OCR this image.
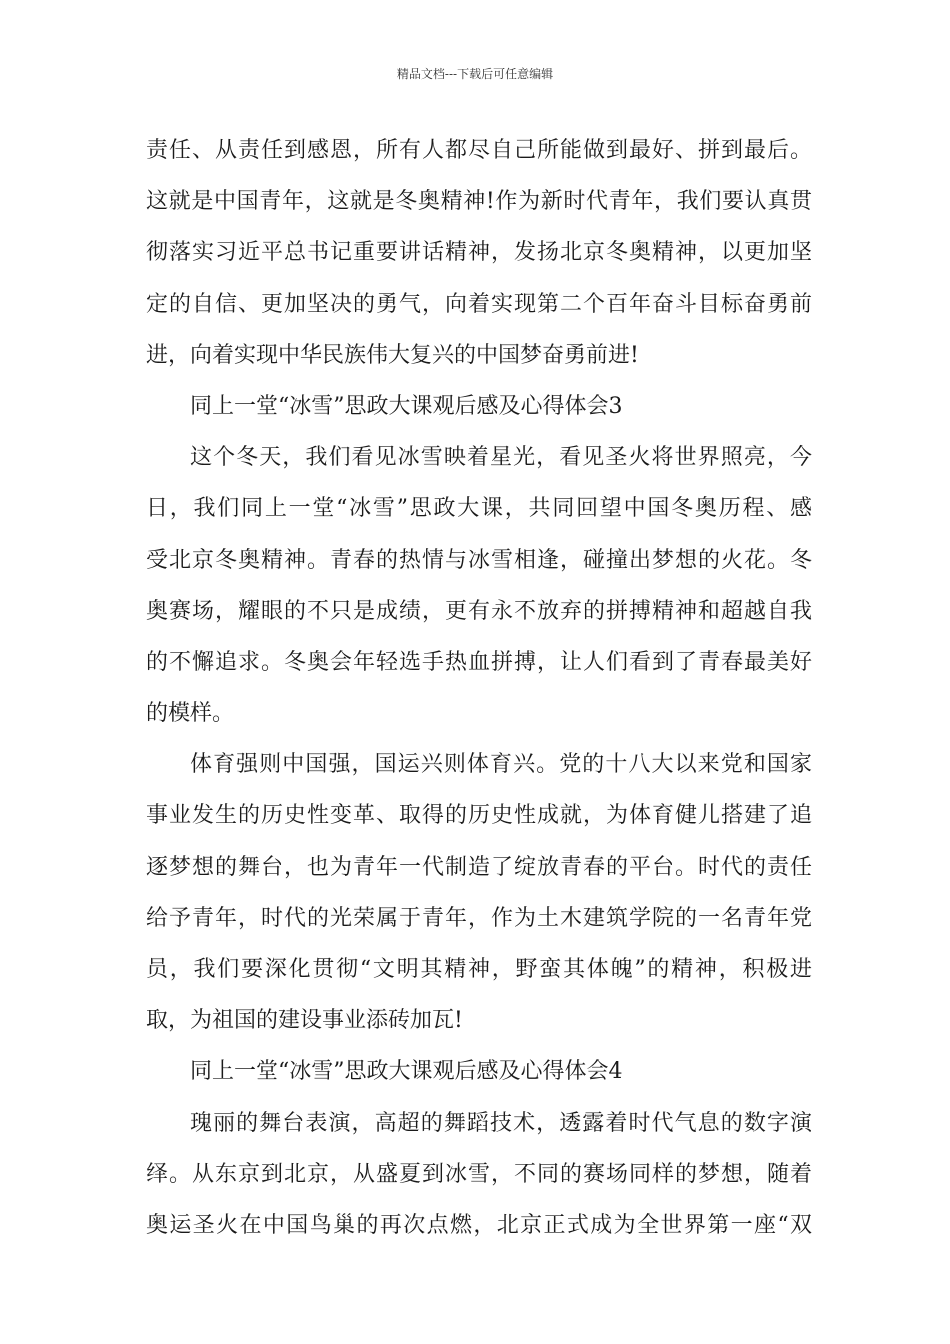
精品文档---下载后可任意编辑
责任、从责任到感恩，所有人都尽自己所能做到最好、拼到最后。
这就是中国青年，这就是冬奥精神!作为新时代青年，我们要认真贯
彻落实习近平总书记重要讲话精神，发扬北京冬奥精神，以更加坚
定的自信、更加坚决的勇气，向着实现第二个百年奋斗目标奋勇前
进，向着实现中华民族伟大复兴的中国梦奋勇前进!
同上一堂“冰雪”思政大课观后感及心得体会3
这个冬天，我们看见冰雪映着星光，看见圣火将世界照亮，今
日，我们同上一堂“冰雪”思政大课，共同回望中国冬奥历程、感
受北京冬奥精神。青春的热情与冰雪相逢，碰撞出梦想的火花。冬
奥赛场，耀眼的不只是成绩，更有永不放弃的拼搏精神和超越自我
的不懈追求。冬奥会年轻选手热血拼搏，让人们看到了青春最美好
的模样。
体育强则中国强，国运兴则体育兴。党的十八大以来党和国家
事业发生的历史性变革、取得的历史性成就，为体育健儿搭建了追
逐梦想的舞台，也为青年一代制造了绽放青春的平台。时代的责任
给予青年，时代的光荣属于青年，作为土木建筑学院的一名青年党
员，我们要深化贯彻“文明其精神，野蛮其体魄”的精神，积极进
取，为祖国的建设事业添砖加瓦!
同上一堂“冰雪”思政大课观后感及心得体会4
瑰丽的舞台表演，高超的舞蹈技术，透露着时代气息的数字演
绎。从东京到北京，从盛夏到冰雪，不同的赛场同样的梦想，随着
奥运圣火在中国鸟巢的再次点燃，北京正式成为全世界第一座“双
